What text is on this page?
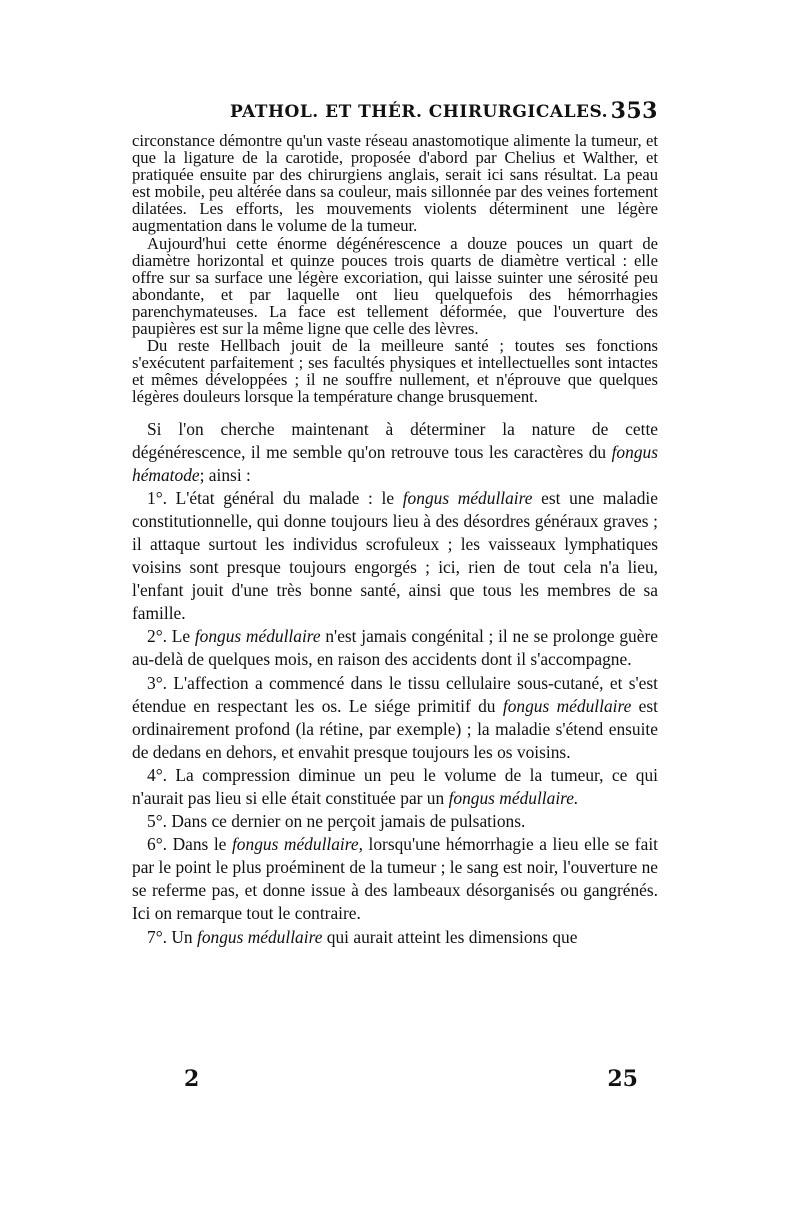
PATHOL. ET THÉR. CHIRURGICALES. 353

circonstance démontre qu'un vaste réseau anastomotique alimente la tumeur, et que la ligature de la carotide, proposée d'abord par Chelius et Walther, et pratiquée ensuite par des chirurgiens anglais, serait ici sans résultat. La peau est mobile, peu altérée dans sa couleur, mais sillonnée par des veines fortement dilatées. Les efforts, les mouvements violents déterminent une légère augmentation dans le volume de la tumeur.

Aujourd'hui cette énorme dégénérescence a douze pouces un quart de diamètre horizontal et quinze pouces trois quarts de diamètre vertical : elle offre sur sa surface une légère excoriation, qui laisse suinter une sérosité peu abondante, et par laquelle ont lieu quelquefois des hémorrhagies parenchymateuses. La face est tellement déformée, que l'ouverture des paupières est sur la même ligne que celle des lèvres.

Du reste Hellbach jouit de la meilleure santé ; toutes ses fonctions s'exécutent parfaitement ; ses facultés physiques et intellectuelles sont intactes et mêmes développées ; il ne souffre nullement, et n'éprouve que quelques légères douleurs lorsque la température change brusquement.

Si l'on cherche maintenant à déterminer la nature de cette dégénérescence, il me semble qu'on retrouve tous les caractères du fongus hématode; ainsi :

1°. L'état général du malade : le fongus médullaire est une maladie constitutionnelle, qui donne toujours lieu à des désordres généraux graves ; il attaque surtout les individus scrofuleux ; les vaisseaux lymphatiques voisins sont presque toujours engorgés ; ici, rien de tout cela n'a lieu, l'enfant jouit d'une très bonne santé, ainsi que tous les membres de sa famille.

2°. Le fongus médullaire n'est jamais congénital ; il ne se prolonge guère au-delà de quelques mois, en raison des accidents dont il s'accompagne.

3°. L'affection a commencé dans le tissu cellulaire sous-cutané, et s'est étendue en respectant les os. Le siége primitif du fongus médullaire est ordinairement profond (la rétine, par exemple) ; la maladie s'étend ensuite de dedans en dehors, et envahit presque toujours les os voisins.

4°. La compression diminue un peu le volume de la tumeur, ce qui n'aurait pas lieu si elle était constituée par un fongus médullaire.

5°. Dans ce dernier on ne perçoit jamais de pulsations.

6°. Dans le fongus médullaire, lorsqu'une hémorrhagie a lieu elle se fait par le point le plus proéminent de la tumeur ; le sang est noir, l'ouverture ne se referme pas, et donne issue à des lambeaux désorganisés ou gangrénés. Ici on remarque tout le contraire.

7°. Un fongus médullaire qui aurait atteint les dimensions que

2	25
